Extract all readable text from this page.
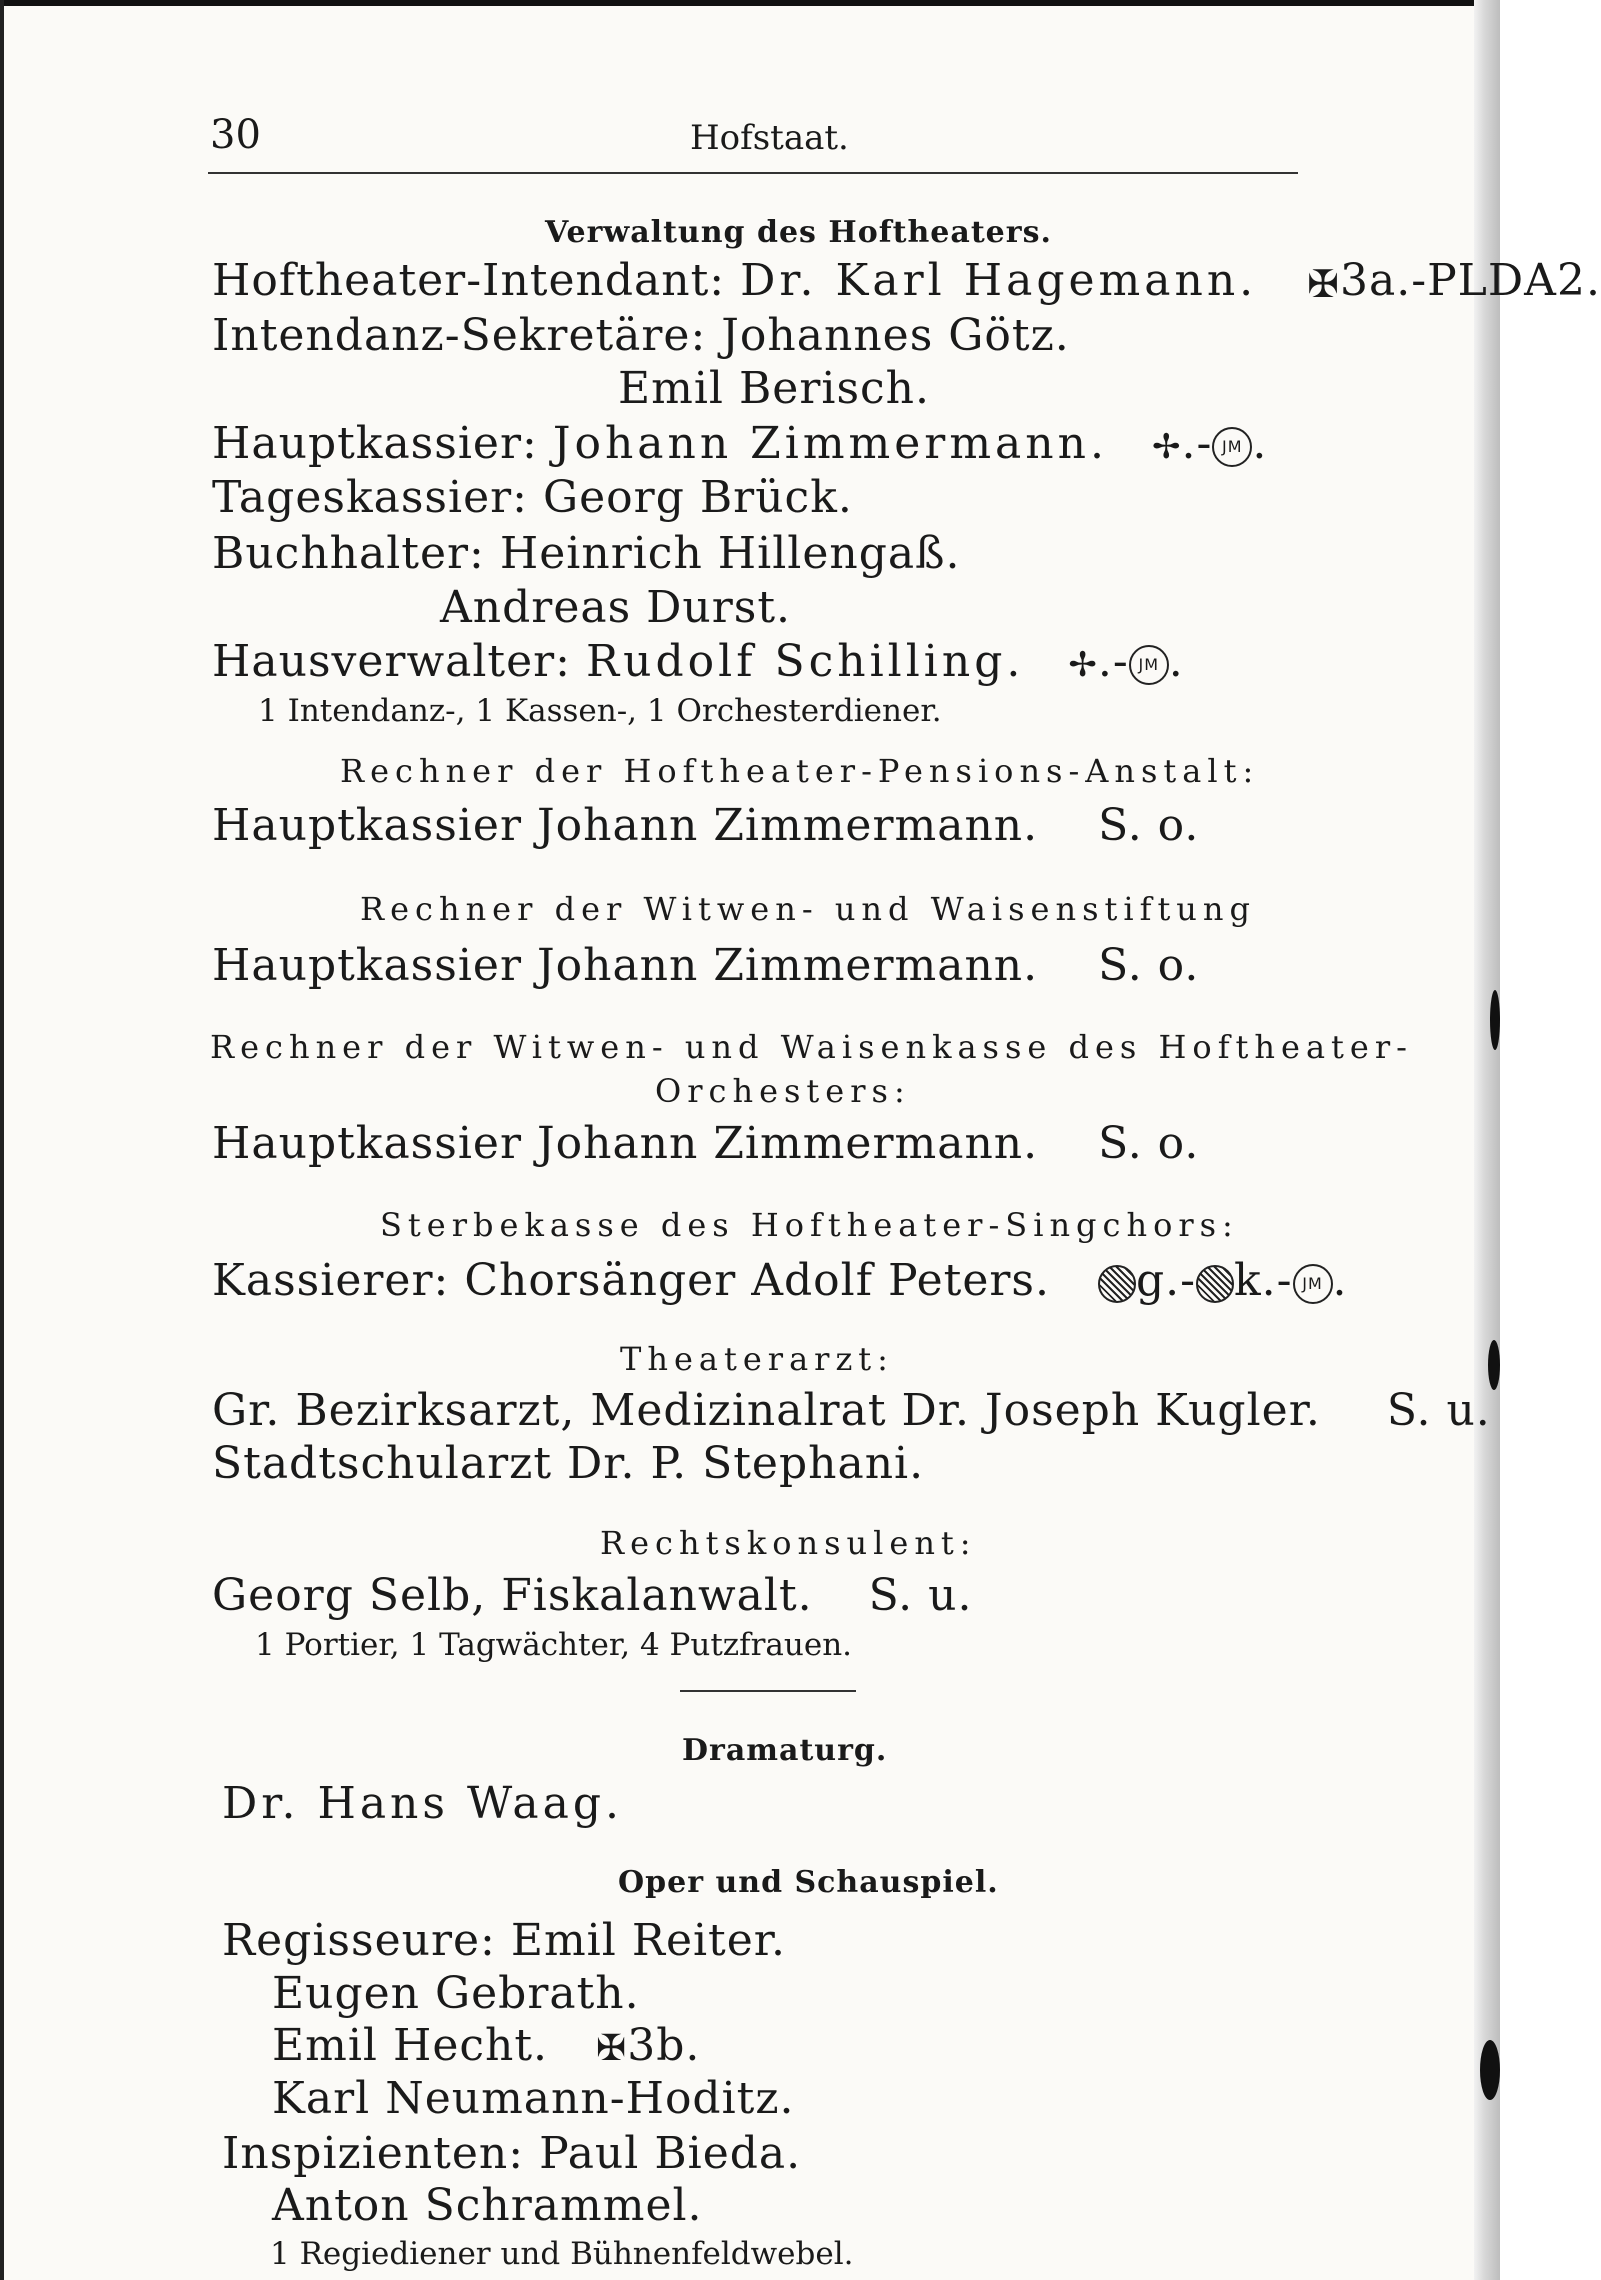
30	Hofstaat.
Verwaltung des Hoftheaters.
Hoftheater-Intendant: Dr. Karl Hagemann. ✠3a.-PLDA2.
Intendanz-Sekretäre: Johannes Götz.
Emil Berisch.
Hauptkassier: Johann Zimmermann. ✢.- JM .
Tageskassier: Georg Brück.
Buchhalter: Heinrich Hillengaß.
Andreas Durst.
Hausverwalter: Rudolf Schilling. ✢.- JM .
1 Intendanz-, 1 Kassen-, 1 Orchesterdiener.
Rechner der Hoftheater-Pensions-Anstalt:
Hauptkassier Johann Zimmermann. S. o.
Rechner der Witwen- und Waisenstiftung
Hauptkassier Johann Zimmermann. S. o.
Rechner der Witwen- und Waisenkasse des Hoftheater-
Orchesters:
Hauptkassier Johann Zimmermann. S. o.
Sterbekasse des Hoftheater-Singchors:
Kassierer: Chorsänger Adolf Peters. g.- k.- JM .
Theaterarzt:
Gr. Bezirksarzt, Medizinalrat Dr. Joseph Kugler. S. u.
Stadtschularzt Dr. P. Stephani.
Rechtskonsulent:
Georg Selb, Fiskalanwalt. S. u.
1 Portier, 1 Tagwächter, 4 Putzfrauen.
Dramaturg.
Dr. Hans Waag.
Oper und Schauspiel.
Regisseure: Emil Reiter.
Eugen Gebrath.
Emil Hecht. ✠3b.
Karl Neumann-Hoditz.
Inspizienten: Paul Bieda.
Anton Schrammel.
1 Regiediener und Bühnenfeldwebel.
